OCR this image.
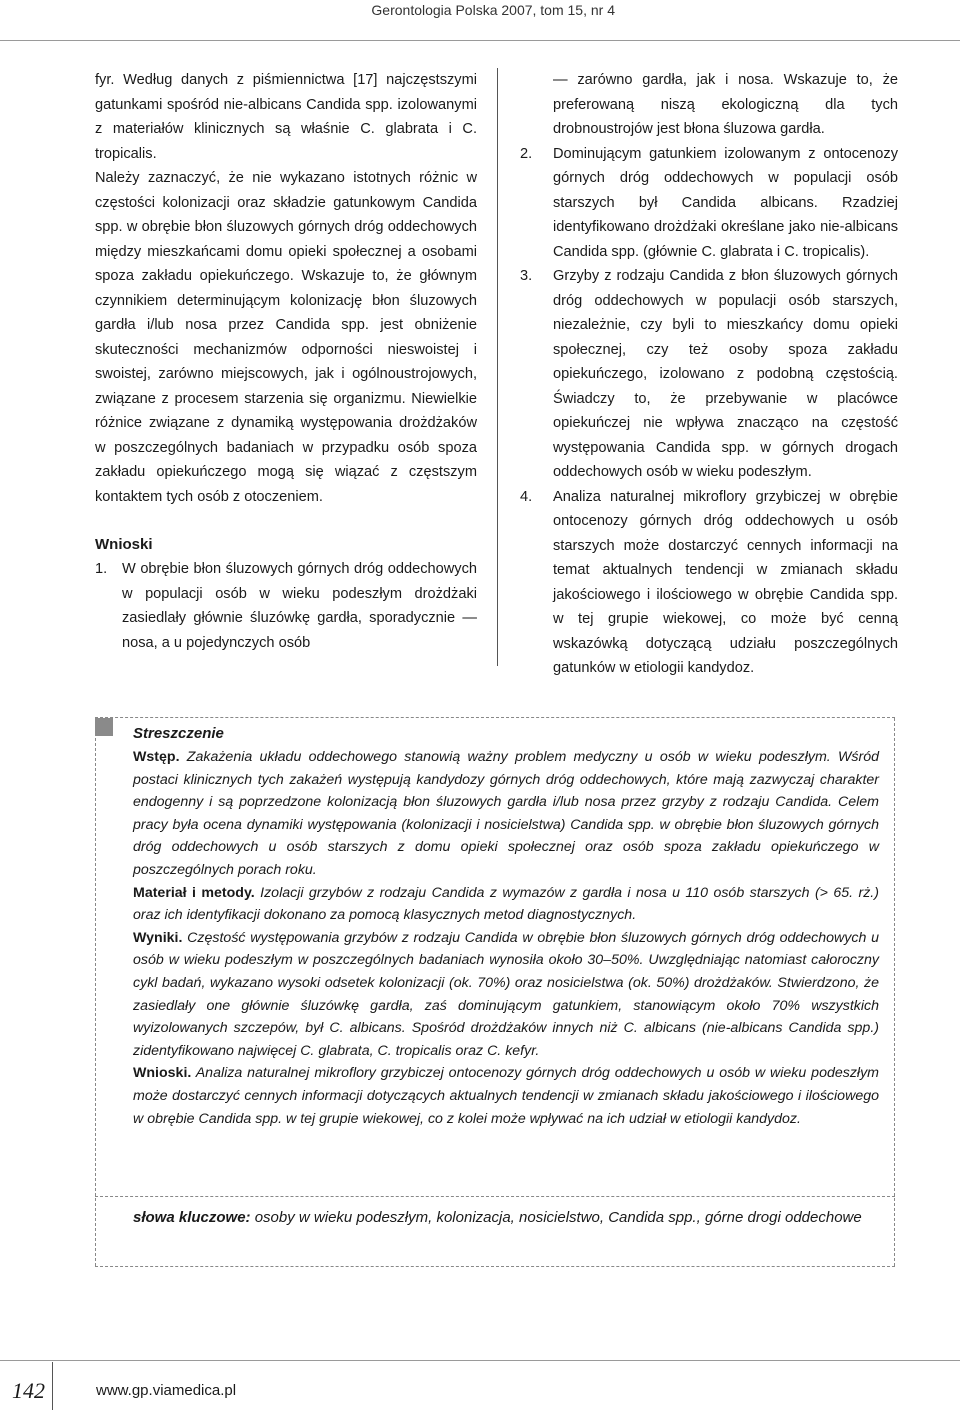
Gerontologia Polska 2007, tom 15, nr 4

fyr. Według danych z piśmiennictwa [17] najczęstszymi gatunkami spośród nie-albicans Candida spp. izolowanymi z materiałów klinicznych są właśnie C. glabrata i C. tropicalis.

Należy zaznaczyć, że nie wykazano istotnych różnic w częstości kolonizacji oraz składzie gatunkowym Candida spp. w obrębie błon śluzowych górnych dróg oddechowych między mieszkańcami domu opieki społecznej a osobami spoza zakładu opiekuńczego. Wskazuje to, że głównym czynnikiem determinującym kolonizację błon śluzowych gardła i/lub nosa przez Candida spp. jest obniżenie skuteczności mechanizmów odporności nieswoistej i swoistej, zarówno miejscowych, jak i ogólnoustrojowych, związane z procesem starzenia się organizmu. Niewielkie różnice związane z dynamiką występowania drożdżaków w poszczególnych badaniach w przypadku osób spoza zakładu opiekuńczego mogą się wiązać z częstszym kontaktem tych osób z otoczeniem.

Wnioski
1. W obrębie błon śluzowych górnych dróg oddechowych w populacji osób w wieku podeszłym drożdżaki zasiedlały głównie śluzówkę gardła, sporadycznie — nosa, a u pojedynczych osób

— zarówno gardła, jak i nosa. Wskazuje to, że preferowaną niszą ekologiczną dla tych drobnoustrojów jest błona śluzowa gardła.

2. Dominującym gatunkiem izolowanym z ontocenozy górnych dróg oddechowych w populacji osób starszych był Candida albicans. Rzadziej identyfikowano drożdżaki określane jako nie-albicans Candida spp. (głównie C. glabrata i C. tropicalis).
3. Grzyby z rodzaju Candida z błon śluzowych górnych dróg oddechowych w populacji osób starszych, niezależnie, czy byli to mieszkańcy domu opieki społecznej, czy też osoby spoza zakładu opiekuńczego, izolowano z podobną częstością. Świadczy to, że przebywanie w placówce opiekuńczej nie wpływa znacząco na częstość występowania Candida spp. w górnych drogach oddechowych osób w wieku podeszłym.
4. Analiza naturalnej mikroflory grzybiczej w obrębie ontocenozy górnych dróg oddechowych u osób starszych może dostarczyć cennych informacji na temat aktualnych tendencji w zmianach składu jakościowego i ilościowego w obrębie Candida spp. w tej grupie wiekowej, co może być cenną wskazówką dotyczącą udziału poszczególnych gatunków w etiologii kandydoz.
Streszczenie

Wstęp. Zakażenia układu oddechowego stanowią ważny problem medyczny u osób w wieku podeszłym. Wśród postaci klinicznych tych zakażeń występują kandydozy górnych dróg oddechowych, które mają zazwyczaj charakter endogenny i są poprzedzone kolonizacją błon śluzowych gardła i/lub nosa przez grzyby z rodzaju Candida. Celem pracy była ocena dynamiki występowania (kolonizacji i nosicielstwa) Candida spp. w obrębie błon śluzowych górnych dróg oddechowych u osób starszych z domu opieki społecznej oraz osób spoza zakładu opiekuńczego w poszczególnych porach roku.

Materiał i metody. Izolacji grzybów z rodzaju Candida z wymazów z gardła i nosa u 110 osób starszych (> 65. rż.) oraz ich identyfikacji dokonano za pomocą klasycznych metod diagnostycznych.

Wyniki. Częstość występowania grzybów z rodzaju Candida w obrębie błon śluzowych górnych dróg oddechowych u osób w wieku podeszłym w poszczególnych badaniach wynosiła około 30–50%. Uwzględniając natomiast całoroczny cykl badań, wykazano wysoki odsetek kolonizacji (ok. 70%) oraz nosicielstwa (ok. 50%) drożdżaków. Stwierdzono, że zasiedlały one głównie śluzówkę gardła, zaś dominującym gatunkiem, stanowiącym około 70% wszystkich wyizolowanych szczepów, był C. albicans. Spośród drożdżaków innych niż C. albicans (nie-albicans Candida spp.) zidentyfikowano najwięcej C. glabrata, C. tropicalis oraz C. kefyr.

Wnioski. Analiza naturalnej mikroflory grzybiczej ontocenozy górnych dróg oddechowych u osób w wieku podeszłym może dostarczyć cennych informacji dotyczących aktualnych tendencji w zmianach składu jakościowego i ilościowego w obrębie Candida spp. w tej grupie wiekowej, co z kolei może wpływać na ich udział w etiologii kandydoz.

słowa kluczowe: osoby w wieku podeszłym, kolonizacja, nosicielstwo, Candida spp., górne drogi oddechowe
142	www.gp.viamedica.pl
